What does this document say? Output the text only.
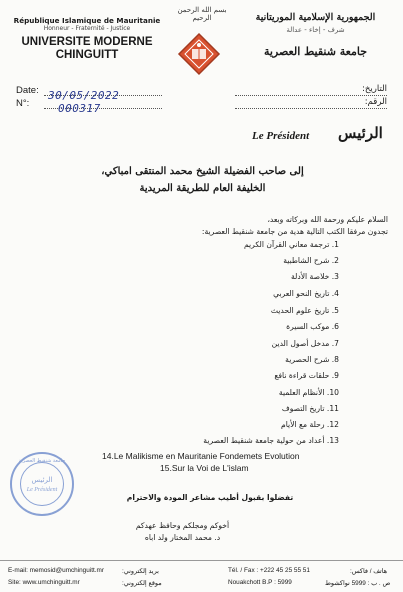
République Islamique de Mauritanie
Honneur - Fraternité - Justice
UNIVERSITE MODERNE
CHINGUITT
Date: 30/05/2022
N°:	000317
بسم الله الرحمن الرحيم	الجمهورية الإسلامية الموريتانية
شرف - إخاء - عدالة
جامعة شنقيط العصرية
التاريخ:
الرقم:
Le Président الرئيس
إلى صاحب الفضيلة الشيخ محمد المنتقى امباكي،
الخليفة العام للطريقة المريدية
السلام عليكم ورحمة الله وبركاته وبعد،
تجدون مرفقا الكتب التالية هدية من جامعة شنقيط العصرية:
1. ترجمة معاني القرآن الكريم
2. شرح الشاطبية
3. خلاصة الأدلة
4. تاريخ النحو العربي
5. تاريخ علوم الحديث
6. موكب السيرة
7. مدخل أصول الدين
8. شرح الحصرية
9. حلقات قراءة نافع
10. الأنظام العلمية
11. تاريخ التصوف
12. رحلة مع الأيام
13. أعداد من حولية جامعة شنقيط العصرية
14.Le Malikisme en Mauritanie Fondemets Evolution
15.Sur la Voi de L'islam
تفضلوا بقبول أطيب مشاعر المودة والاحترام
أخوكم ومجلكم وحافظ عهدكم
د. محمد المختار ولد اباه
جامعة شنقيط العصرية
الرئيس
Le Président
E-mail: memosid@umchinguitt.mr	بريد إلكتروني:
Site: www.umchinguitt.mr	موقع إلكتروني:
Tél. / Fax : +222 45 25 55 51	هاتف / فاكس:
Nouakchott B.P : 5999	ص . ب : 5999 نواكشوط
